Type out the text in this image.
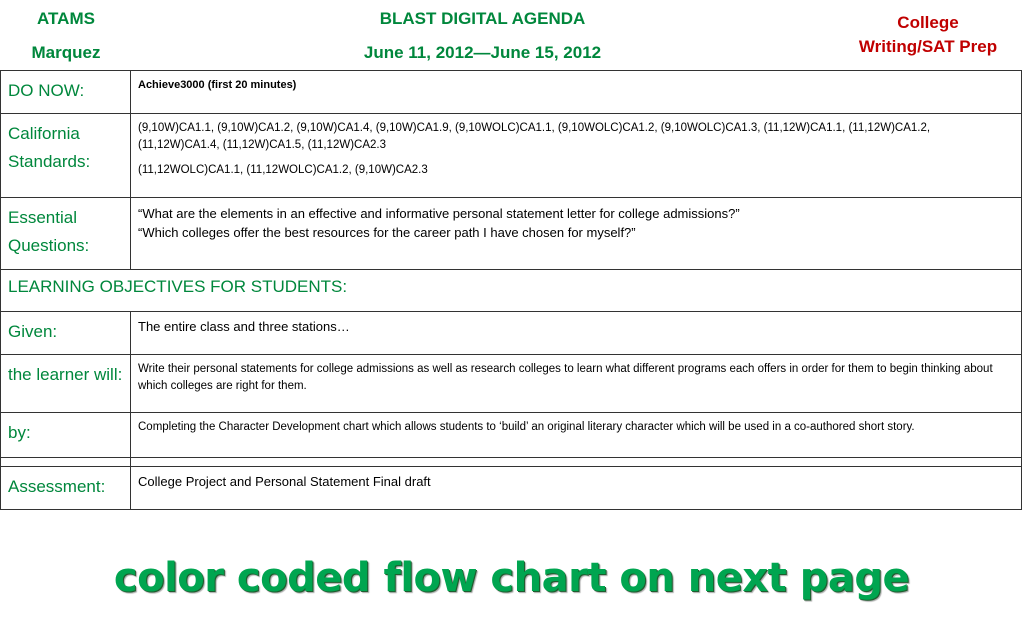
ATAMS
Marquez
BLAST DIGITAL AGENDA
June 11, 2012—June 15, 2012
College
Writing/SAT Prep
DO NOW:	Achieve3000 (first 20 minutes)
California Standards:	(9,10W)CA1.1, (9,10W)CA1.2, (9,10W)CA1.4, (9,10W)CA1.9, (9,10WOLC)CA1.1, (9,10WOLC)CA1.2, (9,10WOLC)CA1.3, (11,12W)CA1.1, (11,12W)CA1.2, (11,12W)CA1.4, (11,12W)CA1.5, (11,12W)CA2.3
(11,12WOLC)CA1.1, (11,12WOLC)CA1.2, (9,10W)CA2.3

Essential Questions:	“What are the elements in an effective and informative personal statement letter for college admissions?”
“Which colleges offer the best resources for the career path I have chosen for myself?”

LEARNING OBJECTIVES FOR STUDENTS:	
Given:	The entire class and three stations…
the learner will:	Write their personal statements for college admissions as well as research colleges to learn what different programs each offers in order for them to begin thinking about which colleges are right for them.
by:	Completing the Character Development chart which allows students to ‘build’ an original literary character which will be used in a co-authored short story.

Assessment:	College Project and Personal Statement Final draft
color coded flow chart on next page
